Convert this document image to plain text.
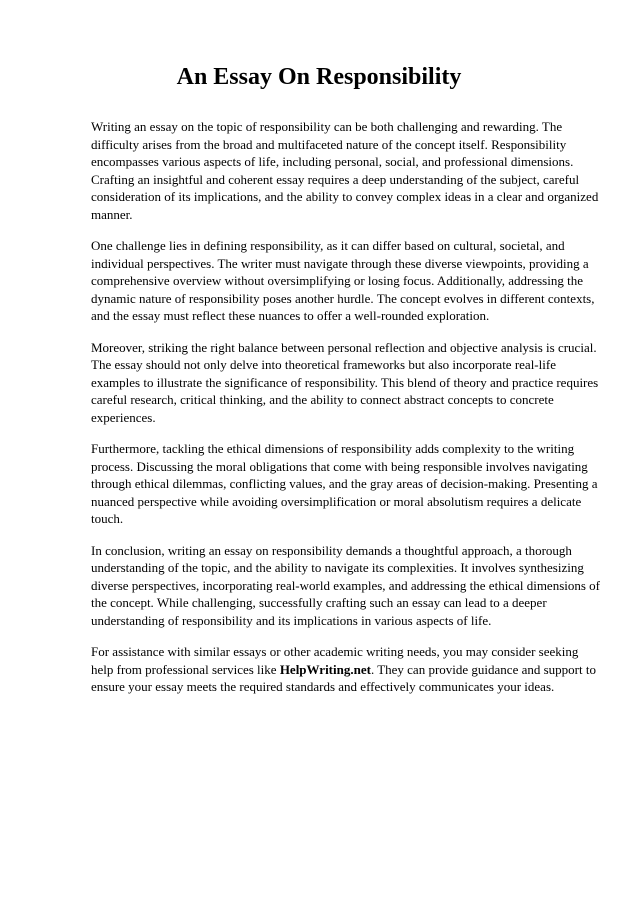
An Essay On Responsibility

Writing an essay on the topic of responsibility can be both challenging and rewarding. The difficulty arises from the broad and multifaceted nature of the concept itself. Responsibility encompasses various aspects of life, including personal, social, and professional dimensions. Crafting an insightful and coherent essay requires a deep understanding of the subject, careful consideration of its implications, and the ability to convey complex ideas in a clear and organized manner.

One challenge lies in defining responsibility, as it can differ based on cultural, societal, and individual perspectives. The writer must navigate through these diverse viewpoints, providing a comprehensive overview without oversimplifying or losing focus. Additionally, addressing the dynamic nature of responsibility poses another hurdle. The concept evolves in different contexts, and the essay must reflect these nuances to offer a well-rounded exploration.

Moreover, striking the right balance between personal reflection and objective analysis is crucial. The essay should not only delve into theoretical frameworks but also incorporate real-life examples to illustrate the significance of responsibility. This blend of theory and practice requires careful research, critical thinking, and the ability to connect abstract concepts to concrete experiences.

Furthermore, tackling the ethical dimensions of responsibility adds complexity to the writing process. Discussing the moral obligations that come with being responsible involves navigating through ethical dilemmas, conflicting values, and the gray areas of decision-making. Presenting a nuanced perspective while avoiding oversimplification or moral absolutism requires a delicate touch.

In conclusion, writing an essay on responsibility demands a thoughtful approach, a thorough understanding of the topic, and the ability to navigate its complexities. It involves synthesizing diverse perspectives, incorporating real-world examples, and addressing the ethical dimensions of the concept. While challenging, successfully crafting such an essay can lead to a deeper understanding of responsibility and its implications in various aspects of life.

For assistance with similar essays or other academic writing needs, you may consider seeking help from professional services like HelpWriting.net. They can provide guidance and support to ensure your essay meets the required standards and effectively communicates your ideas.
